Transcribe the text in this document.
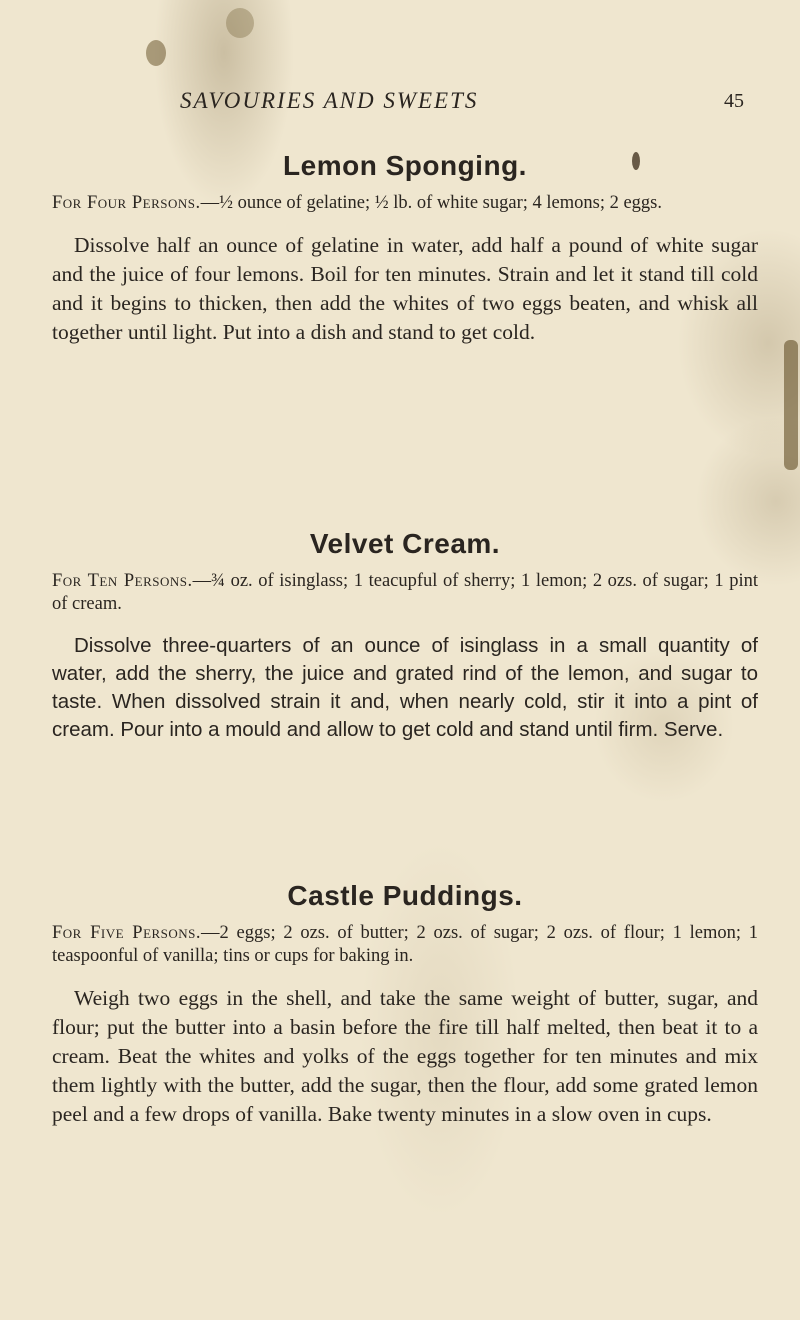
SAVOURIES AND SWEETS	45
Lemon Sponging.

For Four Persons.—½ ounce of gelatine; ½ lb. of white sugar; 4 lemons; 2 eggs.

Dissolve half an ounce of gelatine in water, add half a pound of white sugar and the juice of four lemons. Boil for ten minutes. Strain and let it stand till cold and it begins to thicken, then add the whites of two eggs beaten, and whisk all together until light. Put into a dish and stand to get cold.

Velvet Cream.

For Ten Persons.—¾ oz. of isinglass; 1 teacupful of sherry; 1 lemon; 2 ozs. of sugar; 1 pint of cream.

Dissolve three-quarters of an ounce of isinglass in a small quantity of water, add the sherry, the juice and grated rind of the lemon, and sugar to taste. When dissolved strain it and, when nearly cold, stir it into a pint of cream. Pour into a mould and allow to get cold and stand until firm. Serve.

Castle Puddings.

For Five Persons.—2 eggs; 2 ozs. of butter; 2 ozs. of sugar; 2 ozs. of flour; 1 lemon; 1 teaspoonful of vanilla; tins or cups for baking in.

Weigh two eggs in the shell, and take the same weight of butter, sugar, and flour; put the butter into a basin before the fire till half melted, then beat it to a cream. Beat the whites and yolks of the eggs together for ten minutes and mix them lightly with the butter, add the sugar, then the flour, add some grated lemon peel and a few drops of vanilla. Bake twenty minutes in a slow oven in cups.
